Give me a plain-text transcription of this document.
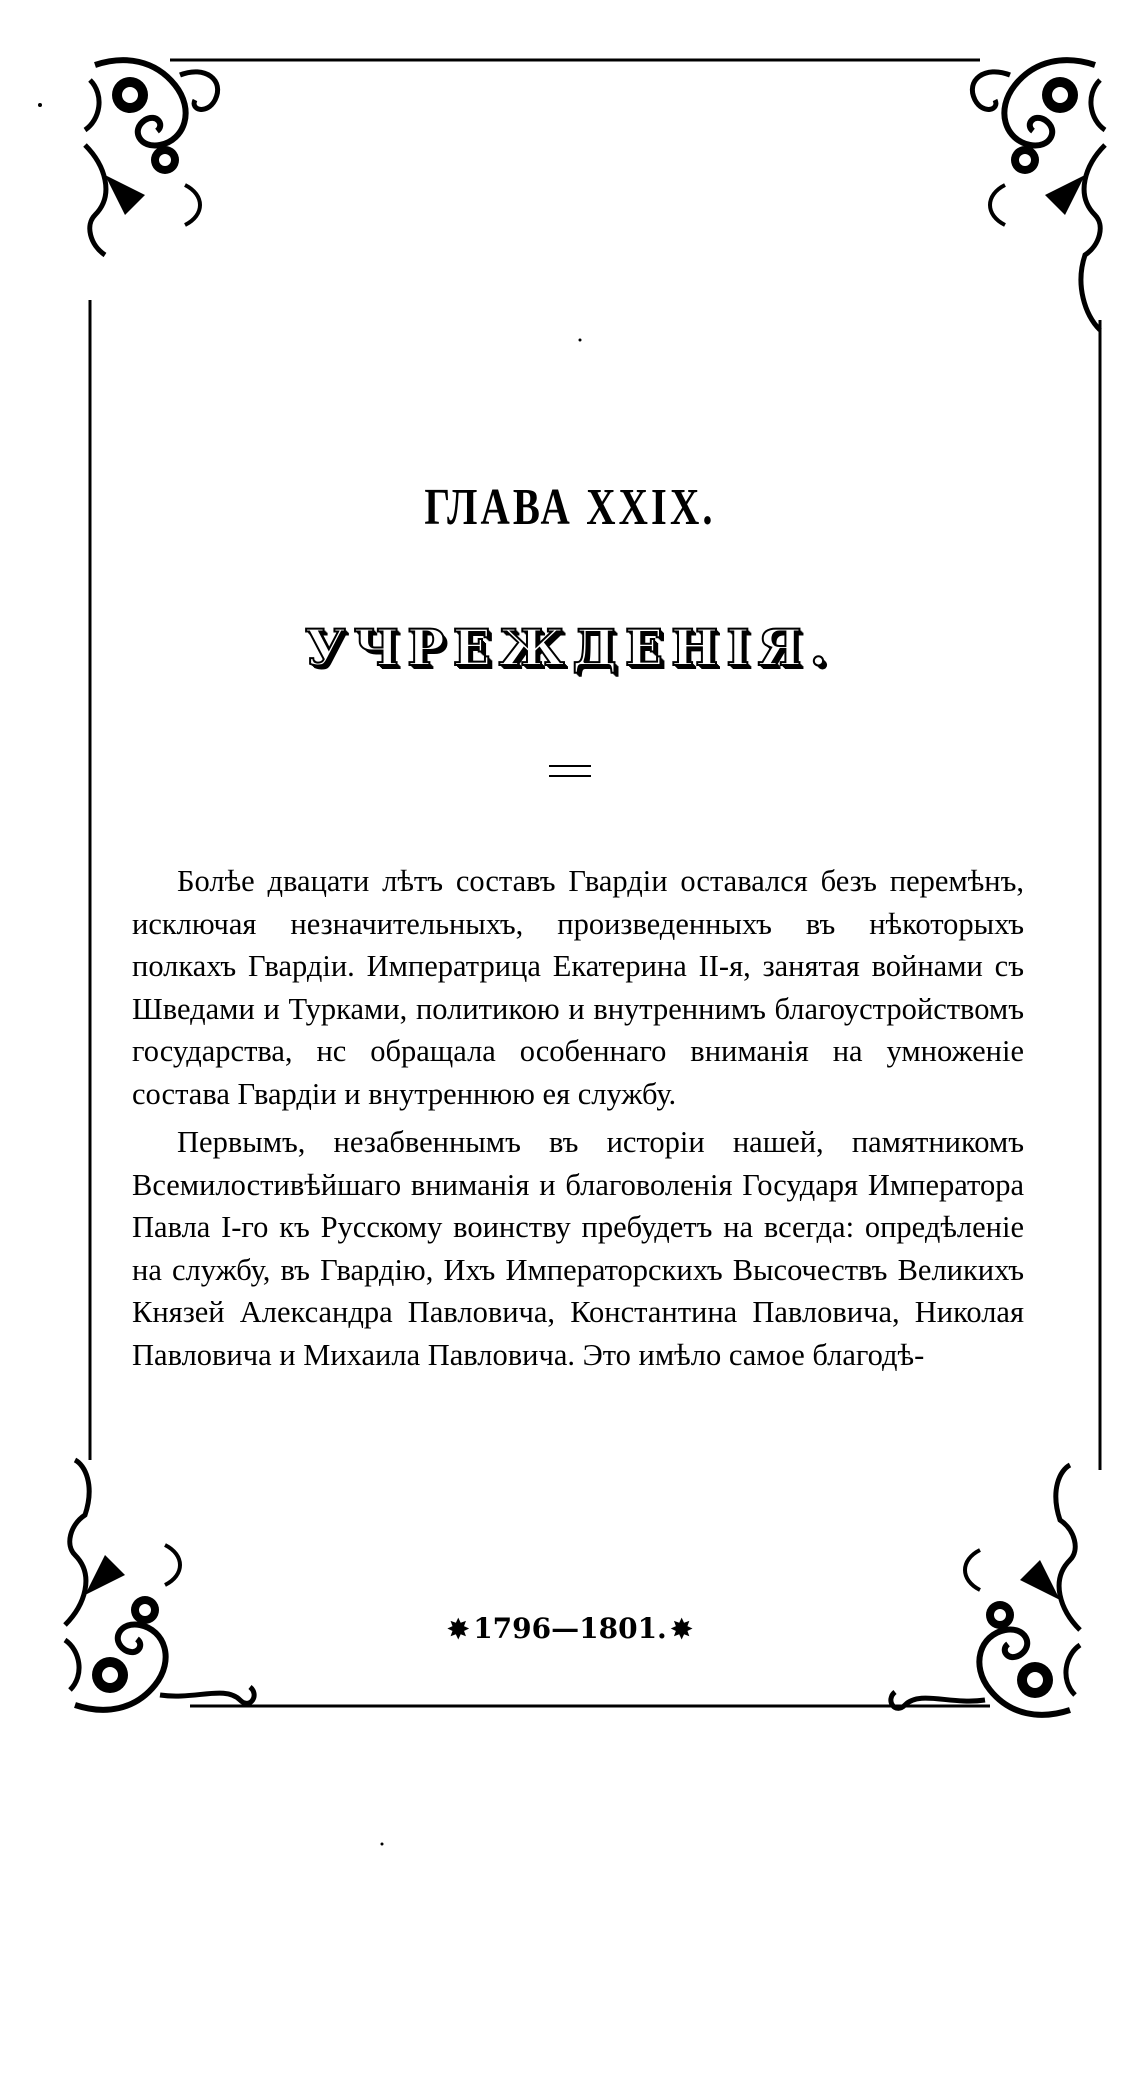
ГЛАВА XXIX.
УЧРЕЖДЕНІЯ.

Болѣе двацати лѣтъ составъ Гвардіи оставался безъ перемѣнъ, исключая незначительныхъ, произведенныхъ въ нѣкоторыхъ полкахъ Гвардіи. Императрица Екатерина II-я, занятая войнами съ Шведами и Турками, политикою и внутреннимъ благоустройствомъ государства, нс обращала особеннаго вниманія на умноженіе состава Гвардіи и внутреннюю ея службу.

Первымъ, незабвеннымъ въ исторіи нашей, памятникомъ Всемилостивѣйшаго вниманія и благоволенія Государя Императора Павла I-го къ Русскому воинству пребудетъ на всегда: опредѣленіе на службу, въ Гвардію, Ихъ Императорскихъ Высочествъ Великихъ Князей Александра Павловича, Константина Павловича, Николая Павловича и Михаила Павловича. Это имѣло самое благодѣ-

✸ 1796—1801. ✸
